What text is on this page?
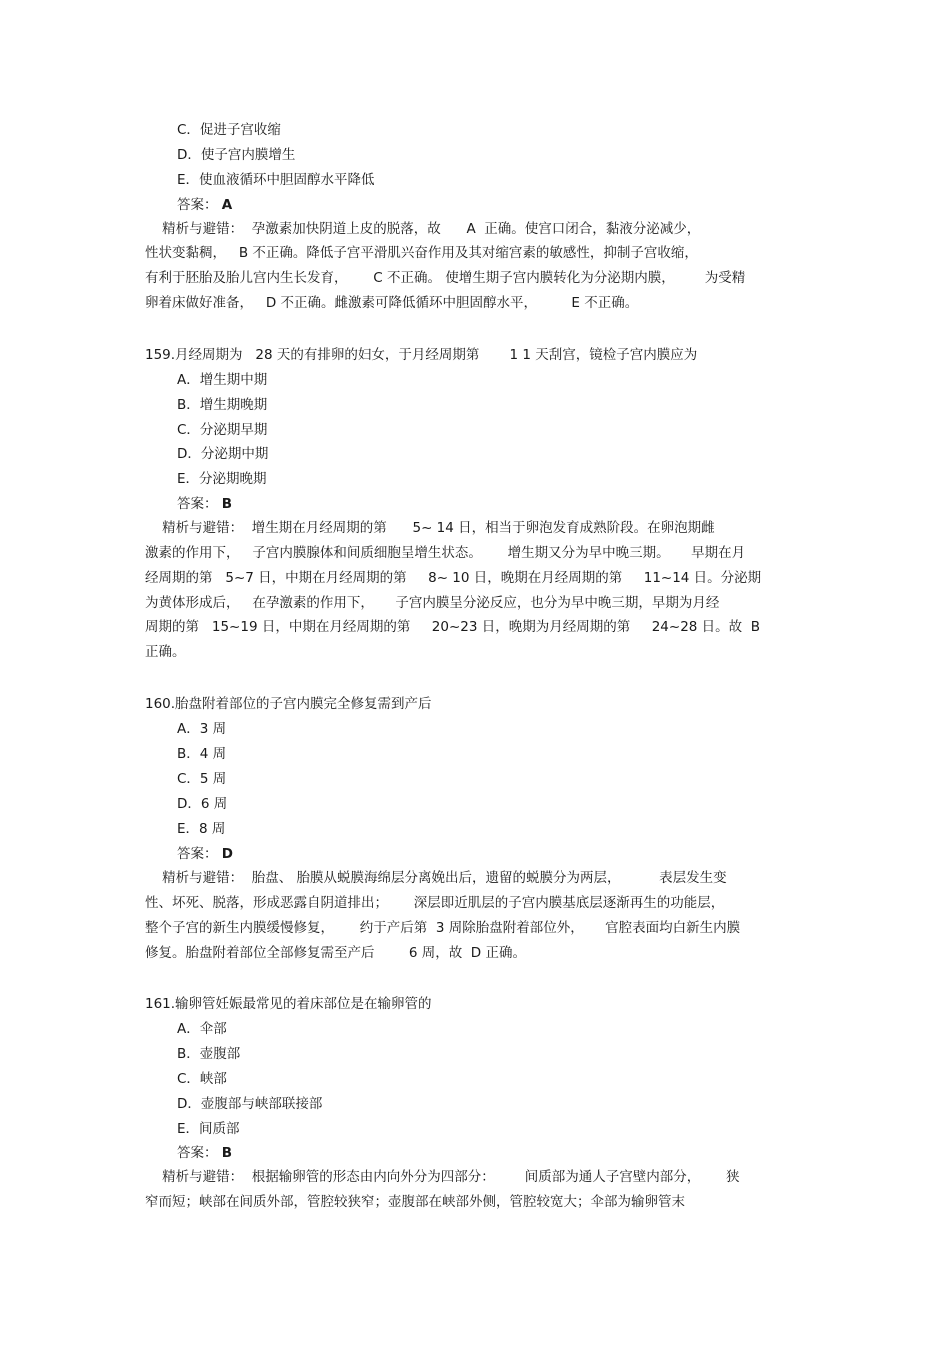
C．促进子宫收缩
D．使子宫内膜增生
E．使血液循环中胆固醇水平降低
答案： A
精析与避错：  孕激素加快阴道上皮的脱落，故      A  正确。使宫口闭合，黏液分泌减少，
性状变黏稠，   B 不正确。降低子宫平滑肌兴奋作用及其对缩宫素的敏感性，抑制子宫收缩，
有利于胚胎及胎儿宫内生长发育，      C 不正确。 使增生期子宫内膜转化为分泌期内膜，       为受精
卵着床做好准备，   D 不正确。雌激素可降低循环中胆固醇水平，        E 不正确。
159.月经周期为   28 天的有排卵的妇女，于月经周期第       1 1 天刮宫，镜检子宫内膜应为
A．增生期中期
B．增生期晚期
C．分泌期早期
D．分泌期中期
E．分泌期晚期
答案： B
精析与避错：  增生期在月经周期的第      5~ 14 日，相当于卵泡发育成熟阶段。在卵泡期雌
激素的作用下，   子宫内膜腺体和间质细胞呈增生状态。      增生期又分为早中晚三期。     早期在月
经周期的第   5~7 日，中期在月经周期的第     8~ 10 日，晚期在月经周期的第     11~14 日。分泌期
为黄体形成后，   在孕激素的作用下，     子宫内膜呈分泌反应，也分为早中晚三期，早期为月经
周期的第   15~19 日，中期在月经周期的第     20~23 日，晚期为月经周期的第     24~28 日。故  B
正确。
160.胎盘附着部位的子宫内膜完全修复需到产后
A．3 周
B．4 周
C．5 周
D．6 周
E．8 周
答案： D
精析与避错：  胎盘、 胎膜从蜕膜海绵层分离娩出后，遗留的蜕膜分为两层，         表层发生变
性、坏死、脱落，形成恶露自阴道排出；      深层即近肌层的子宫内膜基底层逐渐再生的功能层，
整个子宫的新生内膜缓慢修复，      约于产后第  3 周除胎盘附着部位外，     官腔表面均白新生内膜
修复。胎盘附着部位全部修复需至产后        6 周，故  D 正确。
161.输卵管妊娠最常见的着床部位是在输卵管的
A．伞部
B．壶腹部
C．峡部
D．壶腹部与峡部联接部
E．间质部
答案： B
精析与避错：  根据输卵管的形态由内向外分为四部分：       间质部为通人子宫壁内部分，      狭
窄而短；峡部在间质外部，管腔较狭窄；壶腹部在峡部外侧，管腔较宽大；伞部为输卵管末
